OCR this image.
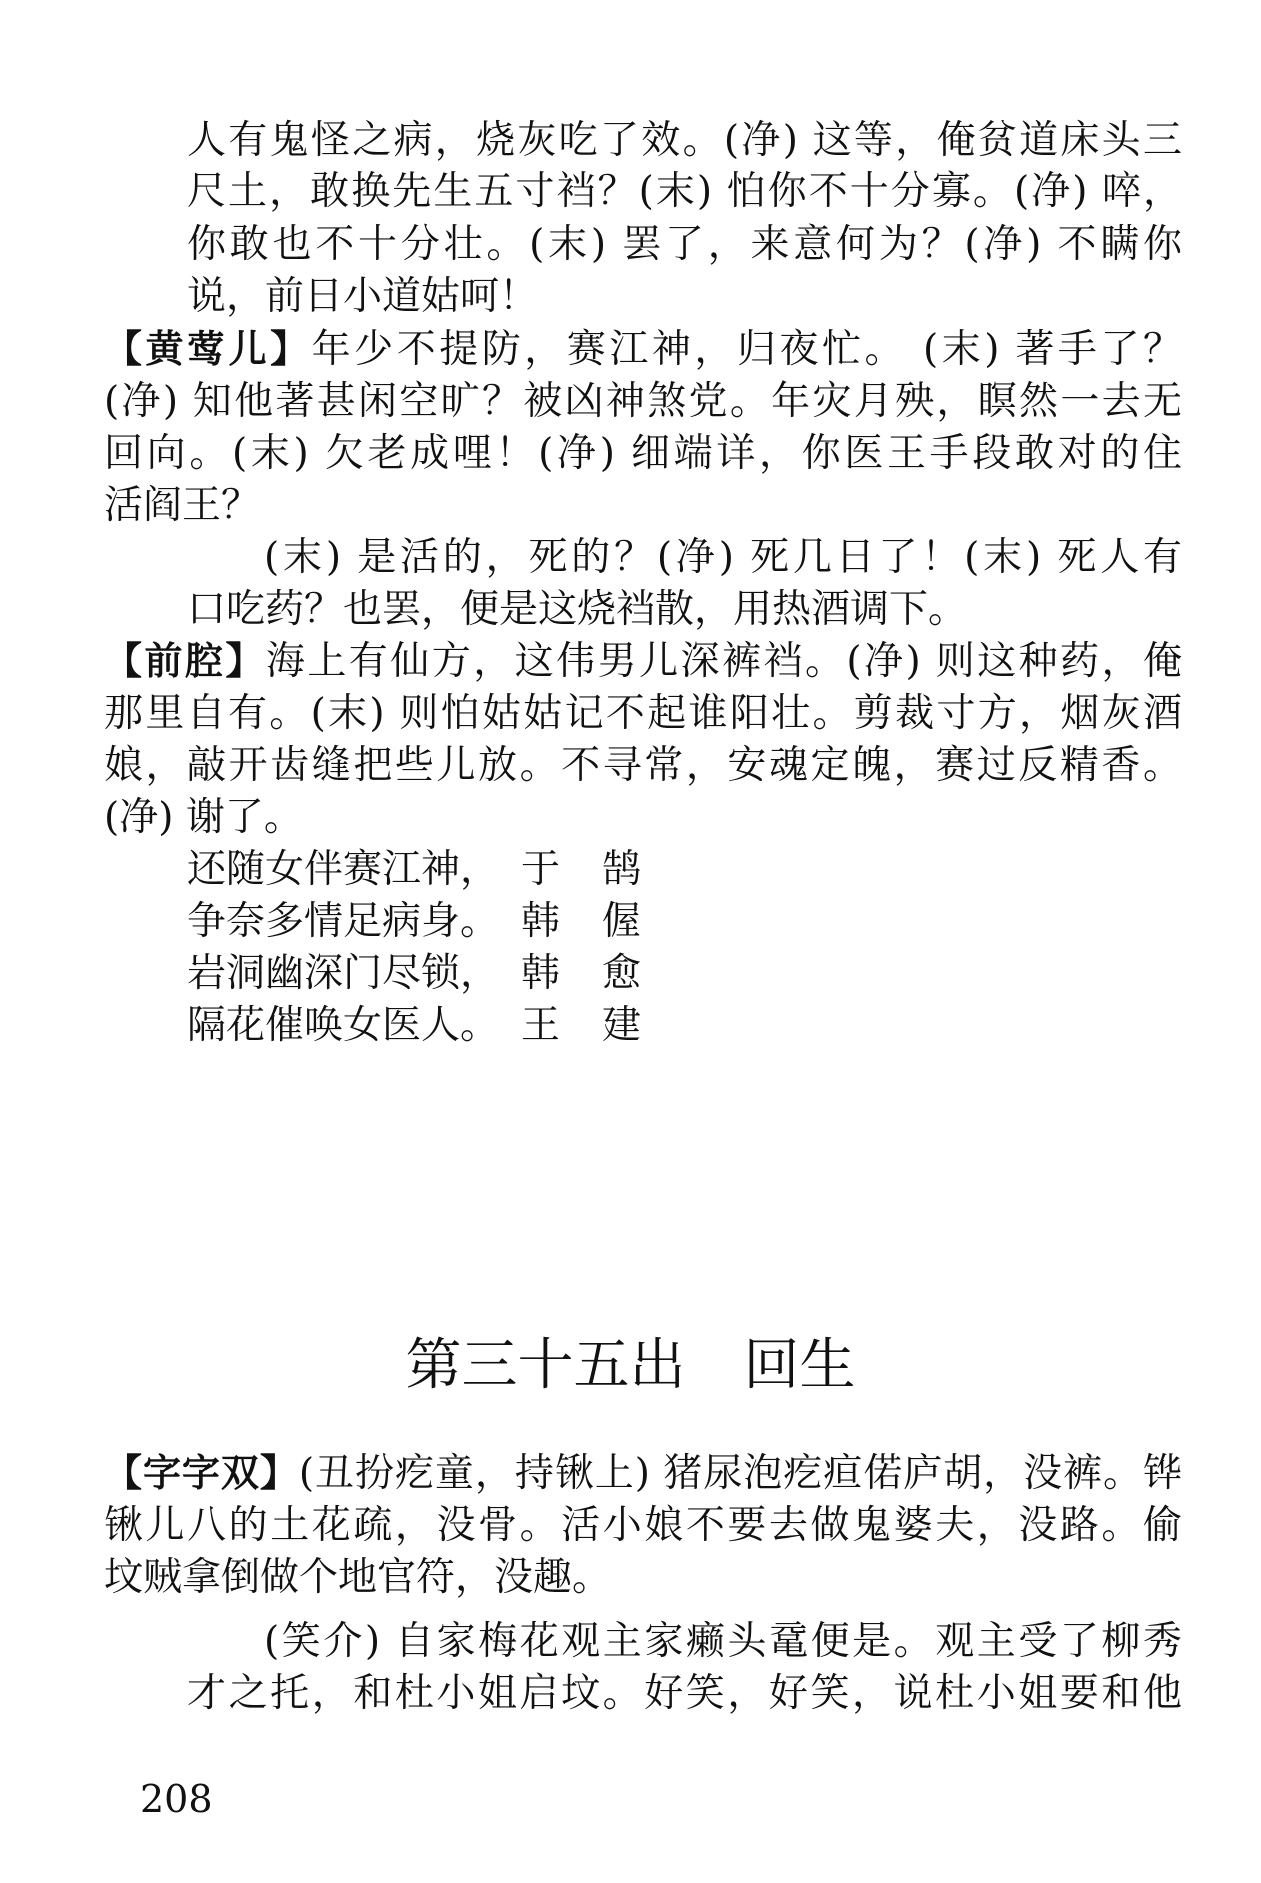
人有鬼怪之病，烧灰吃了效。(净) 这等，俺贫道床头三
尺土，敢换先生五寸裆？(末) 怕你不十分寡。(净) 啐，
你敢也不十分壮。(末) 罢了，来意何为？(净) 不瞒你
说，前日小道姑呵！
【黄莺儿】年少不提防，赛江神，归夜忙。 (末) 著手了？
(净) 知他著甚闲空旷？被凶神煞党。年灾月殃，瞑然一去无
回向。(末) 欠老成哩！(净) 细端详，你医王手段敢对的住
活阎王？
(末) 是活的，死的？(净) 死几日了！(末) 死人有
口吃药？也罢，便是这烧裆散，用热酒调下。
【前腔】海上有仙方，这伟男儿深裤裆。(净) 则这种药，俺
那里自有。(末) 则怕姑姑记不起谁阳壮。剪裁寸方，烟灰酒
娘，敲开齿缝把些儿放。不寻常，安魂定魄，赛过反精香。
(净) 谢了。
还随女伴赛江神， 于鹄
争奈多情足病身。 韩偓
岩洞幽深门尽锁， 韩愈
隔花催唤女医人。 王建
第三十五出 回生
【字字双】(丑扮疙童，持锹上) 猪尿泡疙疸偌庐胡，没裤。铧
锹儿八的土花疏，没骨。活小娘不要去做鬼婆夫，没路。偷
坟贼拿倒做个地官符，没趣。
(笑介) 自家梅花观主家癞头鼋便是。观主受了柳秀
才之托，和杜小姐启坟。好笑，好笑，说杜小姐要和他
208
